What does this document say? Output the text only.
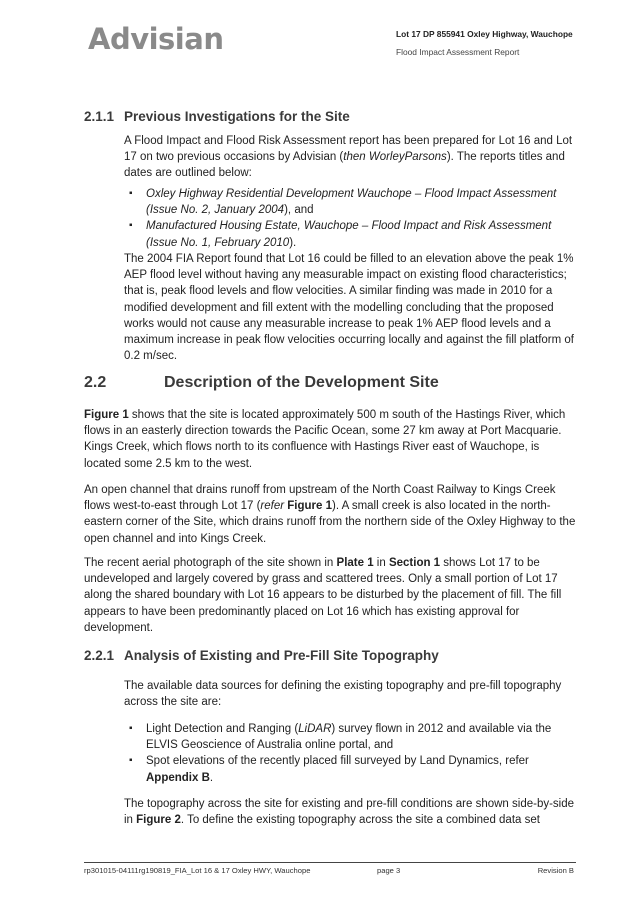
Advisian	Lot 17 DP 855941 Oxley Highway, Wauchope
Flood Impact Assessment Report
2.1.1 Previous Investigations for the Site

A Flood Impact and Flood Risk Assessment report has been prepared for Lot 16 and Lot 17 on two previous occasions by Advisian (then WorleyParsons). The reports titles and dates are outlined below:

▪ Oxley Highway Residential Development Wauchope – Flood Impact Assessment (Issue No. 2, January 2004), and
▪ Manufactured Housing Estate, Wauchope – Flood Impact and Risk Assessment (Issue No. 1, February 2010).

The 2004 FIA Report found that Lot 16 could be filled to an elevation above the peak 1% AEP flood level without having any measurable impact on existing flood characteristics; that is, peak flood levels and flow velocities. A similar finding was made in 2010 for a modified development and fill extent with the modelling concluding that the proposed works would not cause any measurable increase to peak 1% AEP flood levels and a maximum increase in peak flow velocities occurring locally and against the fill platform of 0.2 m/sec.

2.2	Description of the Development Site

Figure 1 shows that the site is located approximately 500 m south of the Hastings River, which flows in an easterly direction towards the Pacific Ocean, some 27 km away at Port Macquarie. Kings Creek, which flows north to its confluence with Hastings River east of Wauchope, is located some 2.5 km to the west.

An open channel that drains runoff from upstream of the North Coast Railway to Kings Creek flows west-to-east through Lot 17 (refer Figure 1). A small creek is also located in the north-eastern corner of the Site, which drains runoff from the northern side of the Oxley Highway to the open channel and into Kings Creek.

The recent aerial photograph of the site shown in Plate 1 in Section 1 shows Lot 17 to be undeveloped and largely covered by grass and scattered trees. Only a small portion of Lot 17 along the shared boundary with Lot 16 appears to be disturbed by the placement of fill. The fill appears to have been predominantly placed on Lot 16 which has existing approval for development.

2.2.1 Analysis of Existing and Pre-Fill Site Topography

The available data sources for defining the existing topography and pre-fill topography across the site are:

▪ Light Detection and Ranging (LiDAR) survey flown in 2012 and available via the ELVIS Geoscience of Australia online portal, and
▪ Spot elevations of the recently placed fill surveyed by Land Dynamics, refer Appendix B.

The topography across the site for existing and pre-fill conditions are shown side-by-side in Figure 2. To define the existing topography across the site a combined data set

rp301015-04111rg190819_FIA_Lot 16 & 17 Oxley HWY, Wauchope	page 3	Revision B
